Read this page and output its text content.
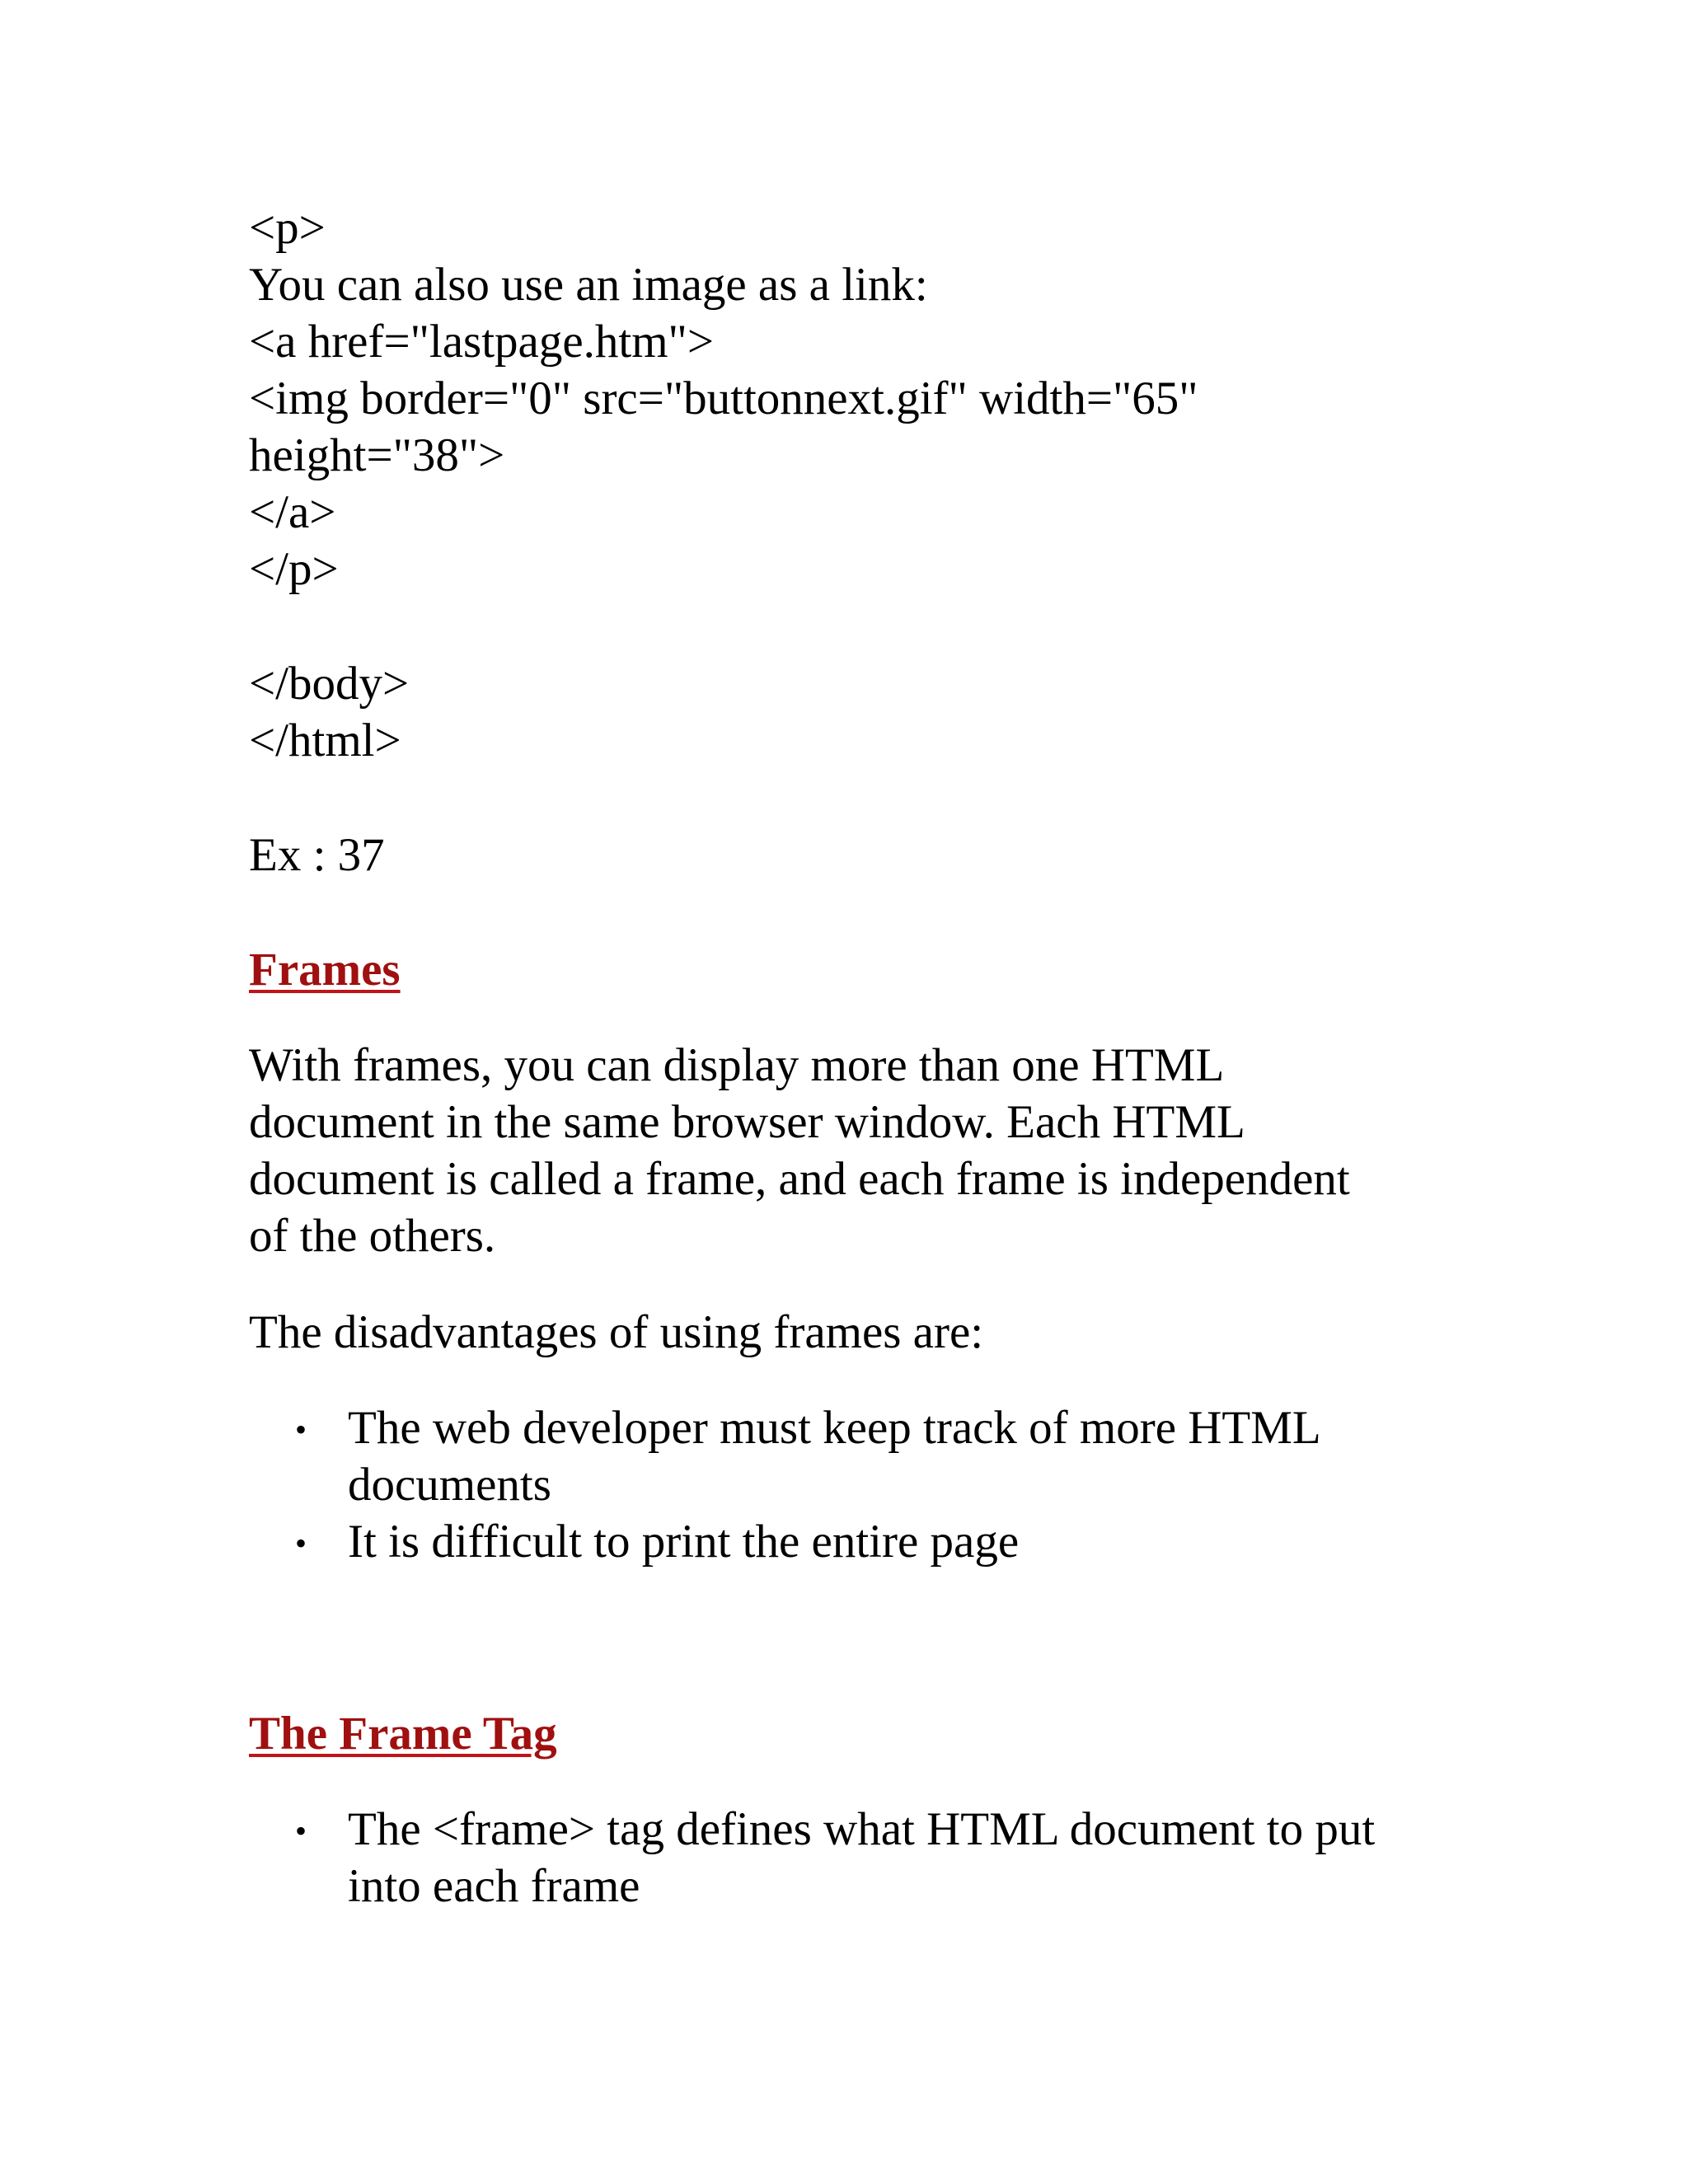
<p>
You can also use an image as a link:
<a href="lastpage.htm">
<img border="0" src="buttonnext.gif" width="65"
height="38">
</a>
</p>
</body>
</html>
Ex : 37
Frames
With frames, you can display more than one HTML
document in the same browser window. Each HTML
document is called a frame, and each frame is independent
of the others.
The disadvantages of using frames are:
• The web developer must keep track of more HTML
documents
• It is difficult to print the entire page
The Frame Tag
• The <frame> tag defines what HTML document to put
into each frame
